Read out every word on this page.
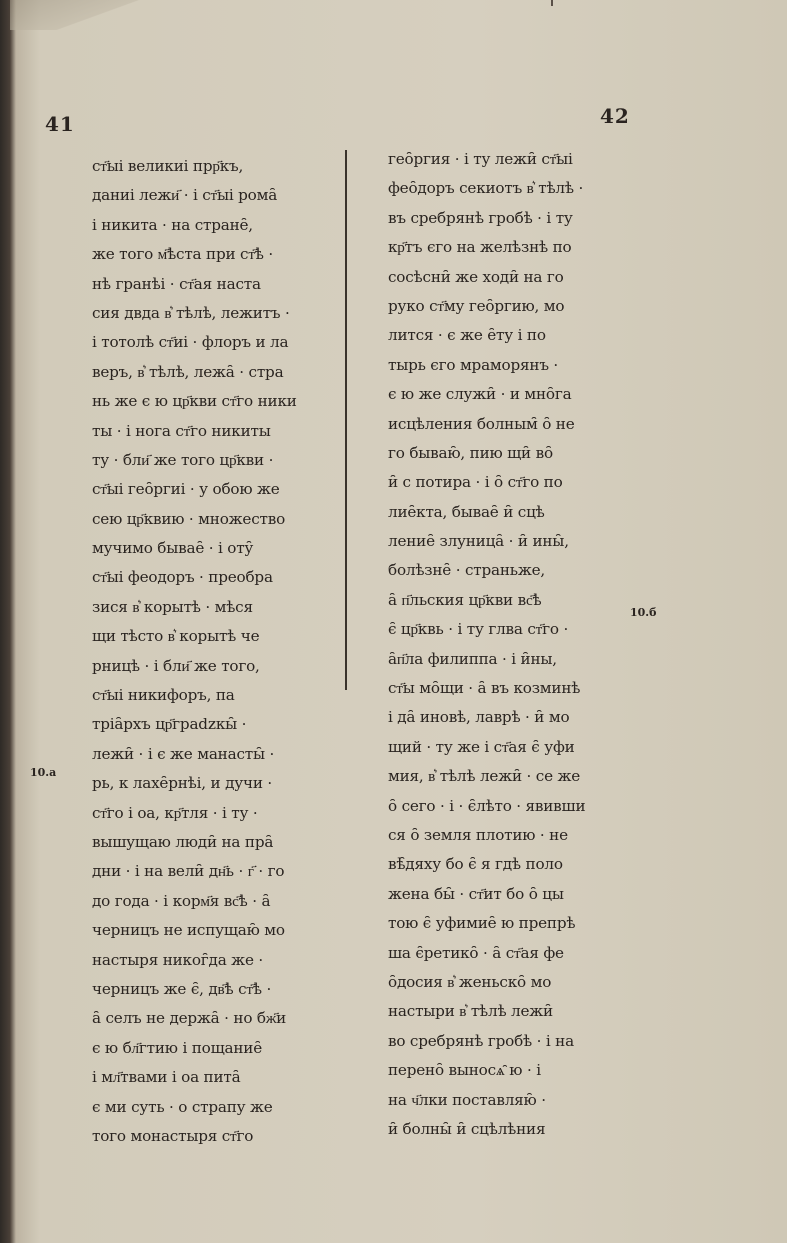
41	42
10.a
10.б
ст҃ыі великиі прр҃къ,
даниі лежи҃ · і ст҃ыі рома̑
і никита · на стране̑,
же того м҃ѣста при ст҃ѣ ·
нѣ гранѣі · ст҃ая наста
сия двда в͛ тѣлѣ, лежитъ ·
і тотолѣ ст҃иі · флоръ и ла
веръ, в͛ тѣлѣ, лежа̑ · стра
нь же є ю цр҃кви ст҃го ники
ты · і нога ст҃го никиты
ту · бли҃ же того цр҃кви ·
ст҃ыі гео̑ргиі · у обою же
сею цр҃квию · множество
мучимо бывае̑ · і оту̑
ст҃ыі феодоръ · преобра
зися в͛ корытѣ · мѣся
щи тѣсто в͛ корытѣ че
рницѣ · і бли҃ же того,
ст҃ыі никифоръ, па
тріа̑рхъ цр҃граǳкы̑ ·
лежи̑ · і є же манасты̑ ·
рь, к лахе̑рнѣі, и дучи ·
ст҃го і оа, кр҃тля · і ту ·
вышущаю люди̑ на пра̑
дни · і на вели̑ дн҃ь · г҃ · го
до года · і корм҃я вс҃ѣ · а̑
черницъ не испущаю̑ мо
настыря никог̑да же ·
черницъ же є̑, дв҃ѣ ст҃ѣ ·
а̑ селъ не держа̑ · но бж҃и
є ю бл҃гтию і пощание̑
і мл҃твами і оа пита̑
є ми суть · о страпу же
того монастыря ст҃го
гео̑ргия · і ту лежи̑ ст҃ыі
фео̑доръ секиотъ в͛ тѣлѣ ·
въ сребрянѣ гробѣ · і ту
кр҃тъ єго на желѣзнѣ по
сосѣсни̑ же ходи̑ на го
руко ст҃му гео̑ргию, мо
лится · є же е̑ту і по
тырь єго мраморянъ ·
є ю же служи̑ · и мно̑га
исцѣления болным̑ о̑ не
го бываю̑, пию щи̑ во̑
и̑ с потира · і о̑ ст҃го по
лие̑кта, бывае̑ и̑ сцѣ
ление̑ злуница̑ · и̑ ины̑,
болѣзне̑ · страньже,
а̑ п҃льския цр҃кви вс҃ѣ
є̑ цр҃квь · і ту глва ст҃го ·
а̑п҃ла филиппа · і и̑ны,
ст҃ы мо̑щи · а̑ въ козминѣ
і да̑ иновѣ, лаврѣ · и̑ мо
щий · ту же і ст҃ая є̑ уфи
мия, в͛ тѣлѣ лежи̑ · се же
о̑ сего · і · є̑лѣто · явивши
ся о̑ земля плотию · не
вѣ̑дяху бо є̑ я гдѣ поло
жена бы̑ · ст҃ит бо о̑ цы
тою є̑ уфимие̑ ю препрѣ
ша є̑ретико̑ · а̑ ст҃ая фе
о̑досия в͛ женьско̑ мо
настыри в͛ тѣлѣ лежи̑
во сребрянѣ гробѣ · і на
перено̑ выносѧ̑ ю · і
на ч҃лки поставляю̑ ·
и̑ болны̑ и̑ сцѣлѣния
